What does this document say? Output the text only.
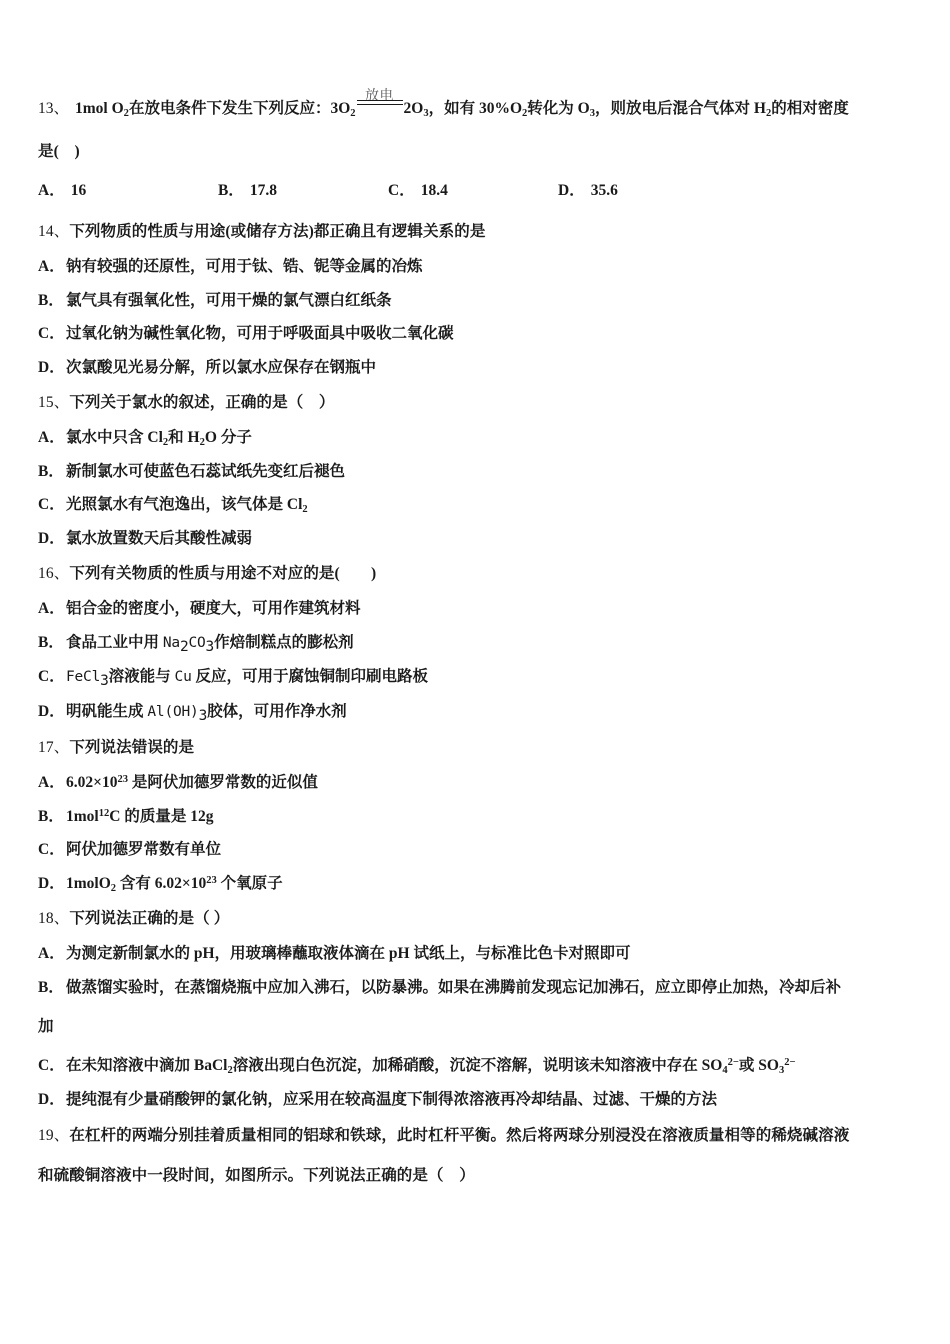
13、 1mol $O_2$在放电条件下发生下列反应：$3O_2$
放电
$2O_3$，如有 $30\%O_2$转化为 $O_3$，则放电后混合气体对 $H_2$的相对密度
是(　)
A． 16	B． 17.8	C． 18.4	D． 35.6
14、下列物质的性质与用途(或储存方法)都正确且有逻辑关系的是
A．钠有较强的还原性，可用于钛、锆、铌等金属的冶炼
B． 氯气具有强氧化性，可用干燥的氯气漂白红纸条
C．过氧化钠为碱性氧化物，可用于呼吸面具中吸收二氧化碳
D．次氯酸见光易分解，所以氯水应保存在钢瓶中
15、下列关于氯水的叙述，正确的是（　）
A．氯水中只含 $Cl_2$和 $H_2O$ 分子
B． 新制氯水可使蓝色石蕊试纸先变红后褪色
C．光照氯水有气泡逸出，该气体是 $Cl_2$
D．氯水放置数天后其酸性减弱
16、下列有关物质的性质与用途不对应的是(　　)
A．铝合金的密度小，硬度大，可用作建筑材料
B． 食品工业中用 $Na_2CO_3$作焙制糕点的膨松剂
C．FeCl$_3$溶液能与 Cu 反应，可用于腐蚀铜制印刷电路板
D．明矾能生成 $Al(OH)_3$胶体，可用作净水剂
17、下列说法错误的是
A．$6.02\times 10^{23}$ 是阿伏加德罗常数的近似值
B． 1mol$^{12}$C 的质量是 12g
C．阿伏加德罗常数有单位
D．1molO$_2$ 含有 $6.02\times 10^{23}$ 个氧原子
18、下列说法正确的是（ ）
A．为测定新制氯水的 pH，用玻璃棒蘸取液体滴在 pH 试纸上，与标准比色卡对照即可
B． 做蒸馏实验时，在蒸馏烧瓶中应加入沸石，以防暴沸。如果在沸腾前发现忘记加沸石，应立即停止加热，冷却后补
加
C．在未知溶液中滴加 BaCl$_2$溶液出现白色沉淀，加稀硝酸，沉淀不溶解，说明该未知溶液中存在 $SO_4^{2-}$或 $SO_3^{2-}$
D．提纯混有少量硝酸钾的氯化钠，应采用在较高温度下制得浓溶液再冷却结晶、过滤、干燥的方法
19、在杠杆的两端分别挂着质量相同的铝球和铁球，此时杠杆平衡。然后将两球分别浸没在溶液质量相等的稀烧碱溶液
和硫酸铜溶液中一段时间，如图所示。下列说法正确的是（　）
